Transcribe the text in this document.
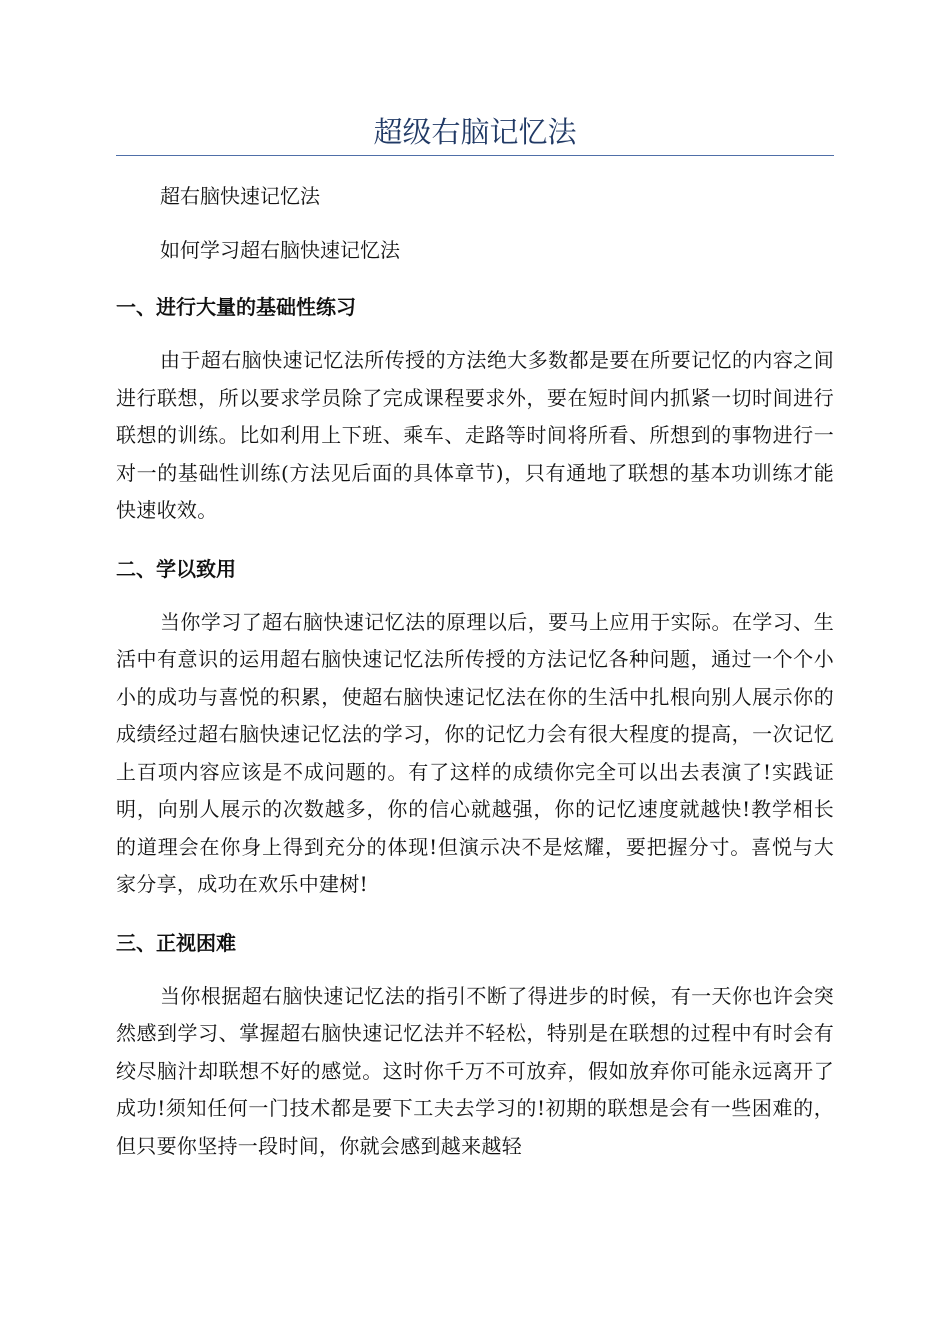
超级右脑记忆法

超右脑快速记忆法

如何学习超右脑快速记忆法

一、进行大量的基础性练习

由于超右脑快速记忆法所传授的方法绝大多数都是要在所要记忆的内容之间进行联想，所以要求学员除了完成课程要求外，要在短时间内抓紧一切时间进行联想的训练。比如利用上下班、乘车、走路等时间将所看、所想到的事物进行一对一的基础性训练(方法见后面的具体章节)，只有通地了联想的基本功训练才能快速收效。

二、学以致用

当你学习了超右脑快速记忆法的原理以后，要马上应用于实际。在学习、生活中有意识的运用超右脑快速记忆法所传授的方法记忆各种问题，通过一个个小小的成功与喜悦的积累，使超右脑快速记忆法在你的生活中扎根向别人展示你的成绩经过超右脑快速记忆法的学习，你的记忆力会有很大程度的提高，一次记忆上百项内容应该是不成问题的。有了这样的成绩你完全可以出去表演了!实践证明，向别人展示的次数越多，你的信心就越强，你的记忆速度就越快!教学相长的道理会在你身上得到充分的体现!但演示决不是炫耀，要把握分寸。喜悦与大家分享，成功在欢乐中建树!

三、正视困难

当你根据超右脑快速记忆法的指引不断了得进步的时候，有一天你也许会突然感到学习、掌握超右脑快速记忆法并不轻松，特别是在联想的过程中有时会有绞尽脑汁却联想不好的感觉。这时你千万不可放弃，假如放弃你可能永远离开了成功!须知任何一门技术都是要下工夫去学习的!初期的联想是会有一些困难的，但只要你坚持一段时间，你就会感到越来越轻
